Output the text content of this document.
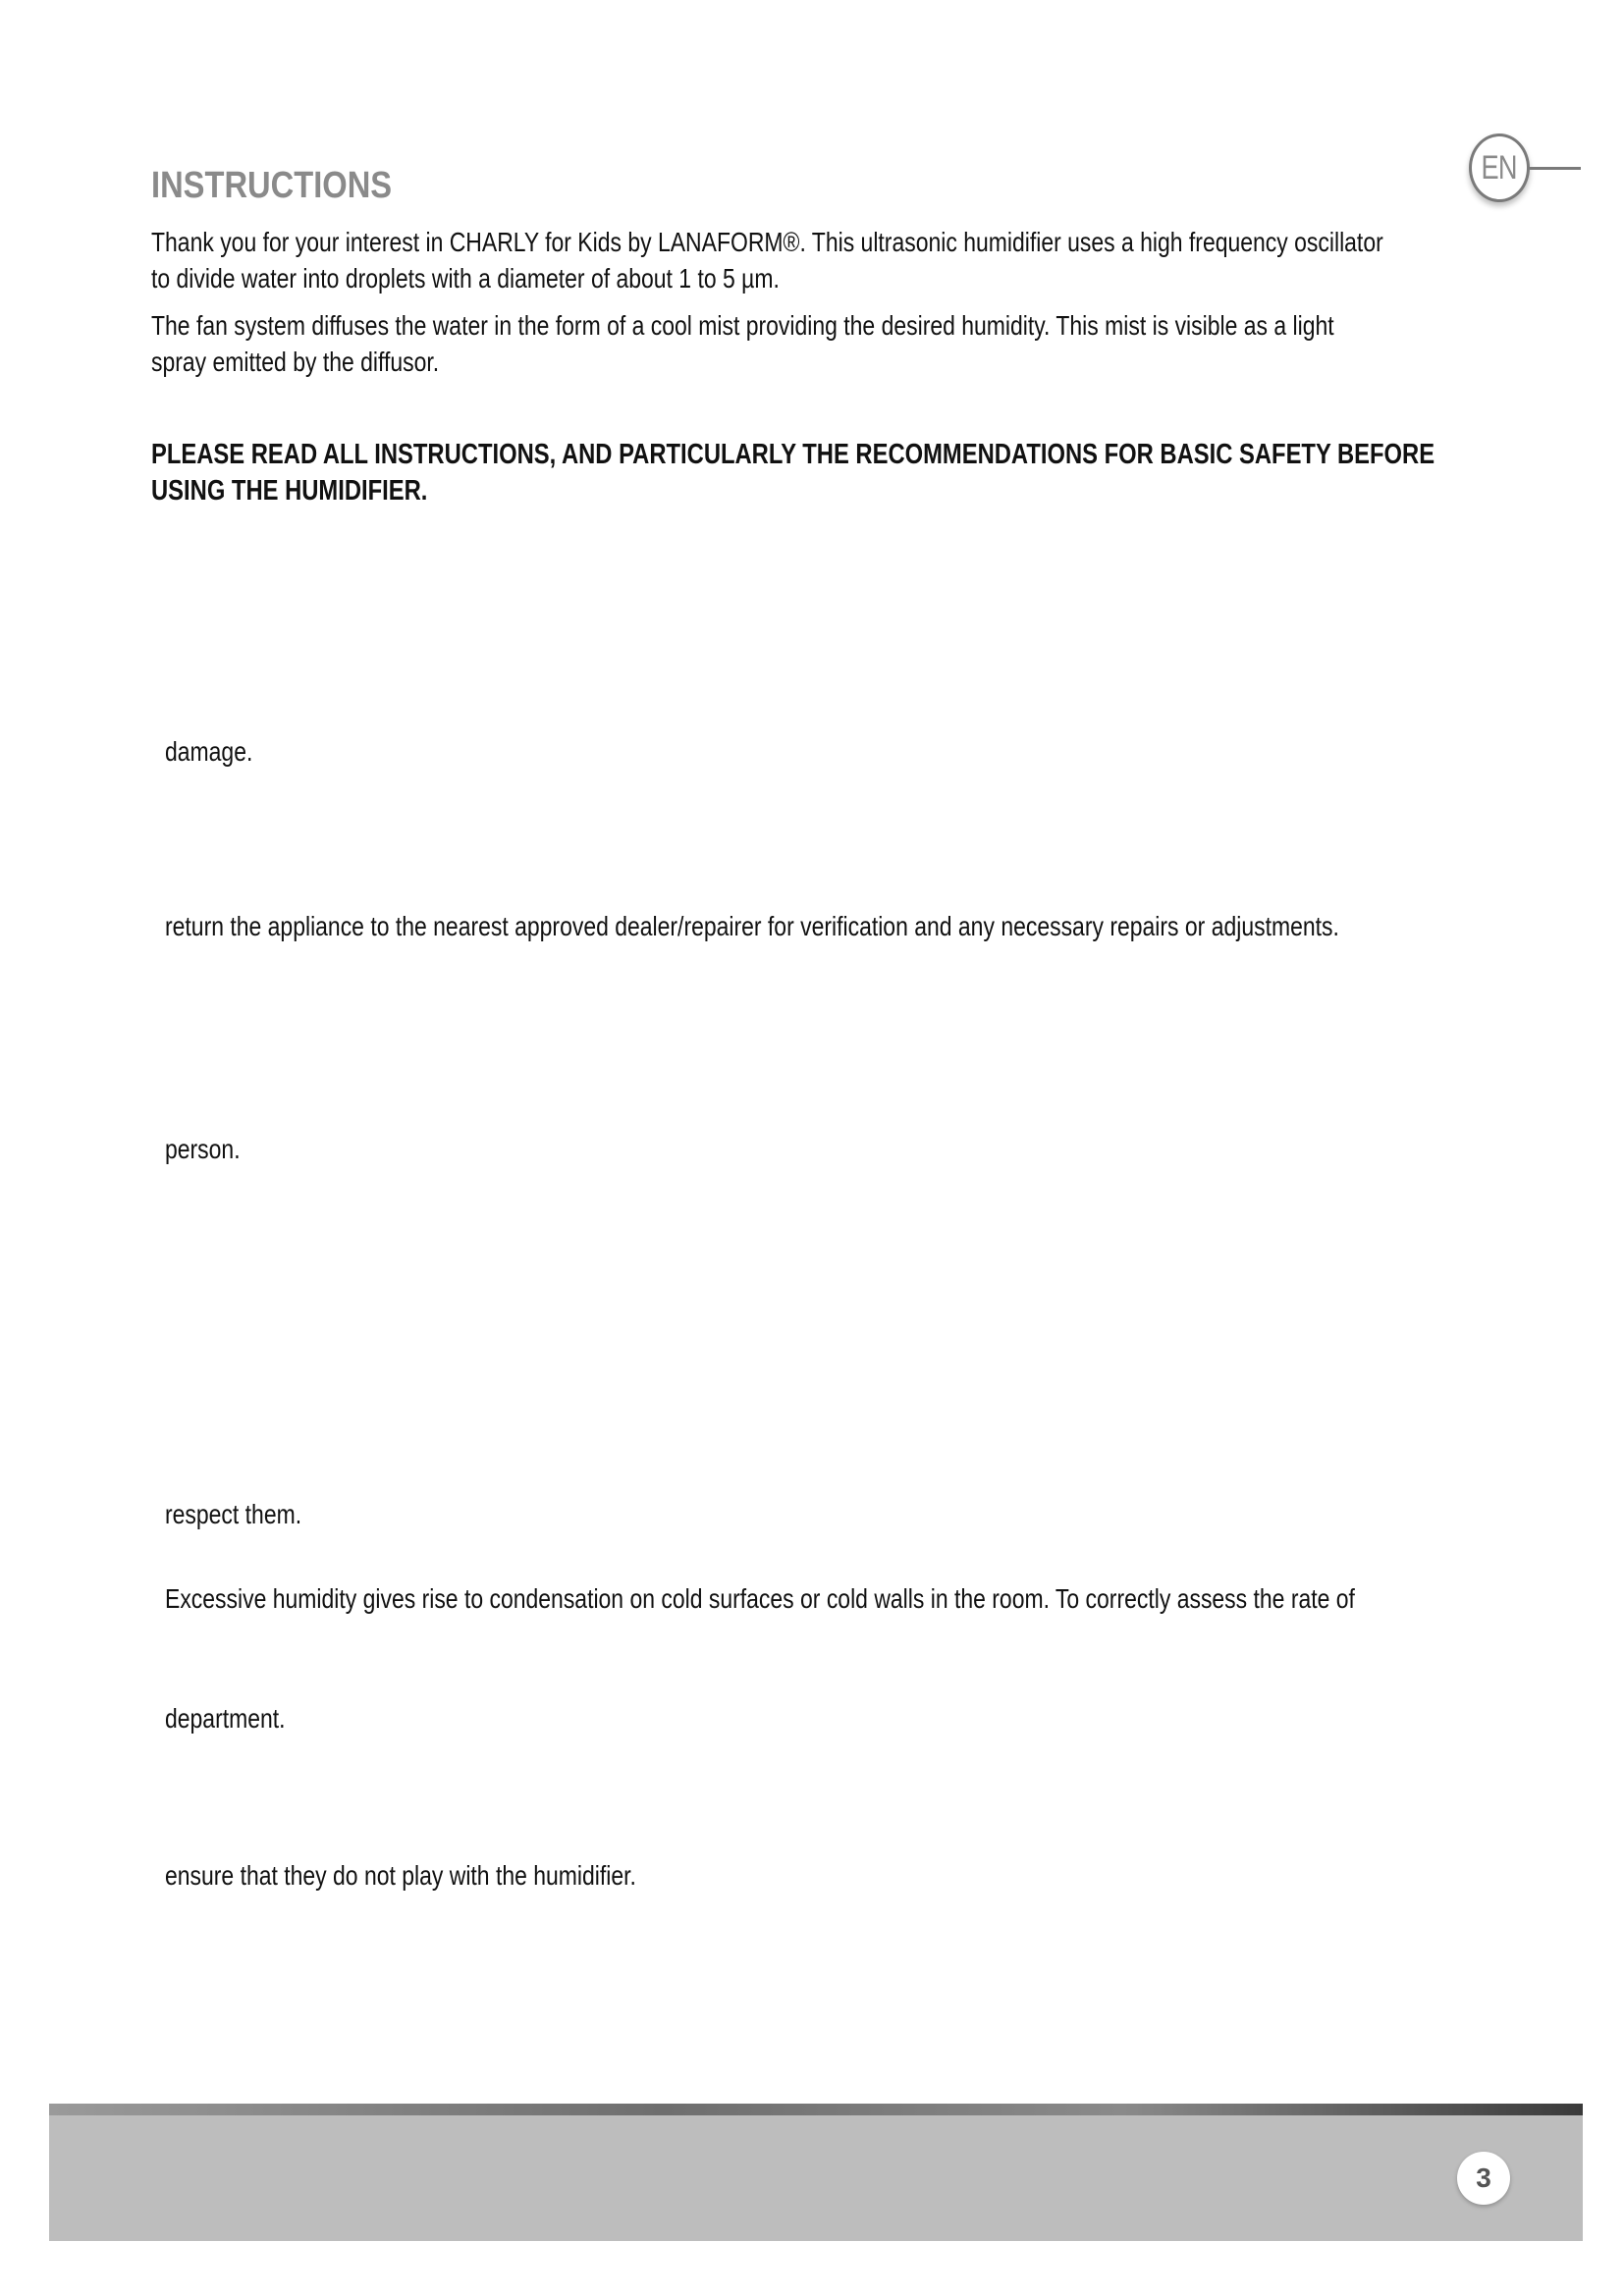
EN
INSTRUCTIONS

Thank you for your interest in CHARLY for Kids by LANAFORM®. This ultrasonic humidifier uses a high frequency oscillator
to divide water into droplets with a diameter of about 1 to 5 µm.

The fan system diffuses the water in the form of a cool mist providing the desired humidity. This mist is visible as a light
spray emitted by the diffusor.

PLEASE READ ALL INSTRUCTIONS, AND PARTICULARLY THE RECOMMENDATIONS FOR BASIC SAFETY BEFORE
USING THE HUMIDIFIER.

damage.

return the appliance to the nearest approved dealer/repairer for verification and any necessary repairs or adjustments.

person.

respect them.

Excessive humidity gives rise to condensation on cold surfaces or cold walls in the room. To correctly assess the rate of

department.

ensure that they do not play with the humidifier.

3
